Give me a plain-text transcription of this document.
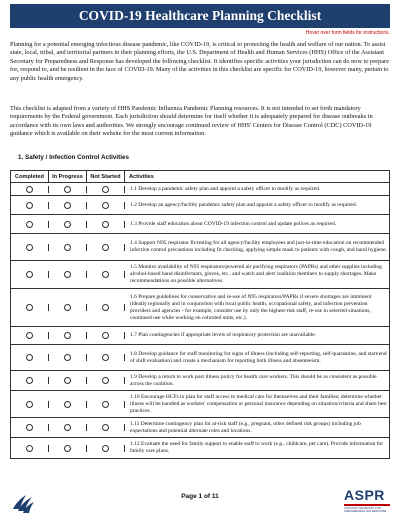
COVID-19 Healthcare Planning Checklist
Hover over form fields for instructions.
Planning for a potential emerging infectious disease pandemic, like COVID-19, is critical to protecting the health and welfare of our nation. To assist state, local, tribal, and territorial partners in their planning efforts, the U.S. Department of Health and Human Services (HHS) Office of the Assistant Secretary for Preparedness and Response has developed the following checklist. It identifies specific activities your jurisdiction can do now to prepare for, respond to, and be resilient in the face of COVID-19. Many of the activities in this checklist are specific for COVID-19, however many, pertain to any public health emergency.
This checklist is adapted from a variety of HHS Pandemic Influenza Pandemic Planning resources. It is not intended to set forth mandatory requirements by the Federal government. Each jurisdiction should determine for itself whether it is adequately prepared for disease outbreaks in accordance with its own laws and authorities. We strongly encourage continued review of HHS' Centers for Disease Control (CDC) COVID-19 guidance which is available on their website for the most current information.
1. Safety / Infection Control Activities
Completed	In Progress	Not Started	Activities

1.1 Develop a pandemic safety plan and appoint a safety officer to modify as required.
1.2 Develop an agency/facility pandemic safety plan and appoint a safety officer to modify as required.
1.3 Provide staff education about COVID-19 infection control and update polices as required.
1.4 Support N95 respirator fit-testing for all agency/facility employees and just-in-time education on recommended infection control precautions including fit checking, applying simple mask to patients with cough, and hand hygiene.
1.5 Monitor availability of N95 respirators/powered air purifying respirators (PAPRs) and other supplies including alcohol-based hand disinfectants, gloves, etc., and watch and alert coalition members to supply shortages. Make recommendations on possible alternatives.
1.6 Prepare guidelines for conservative and re-use of N95 respirators/PAPRs if severe shortages are imminent (ideally regionally and in conjunction with local public health, occupational safety, and infection prevention providers and agencies - for example, consider use by only the highest-risk staff, re-use in selected situations, continued use while working on cohorted units, etc.).
1.7 Plan contingencies if appropriate levels of respiratory protection are unavailable.
1.8 Develop guidance for staff monitoring for signs of illness (including self-reporting, self-quarantine, and start/end of shift evaluation) and create a mechanism for reporting both illness and absenteeism.
1.9 Develop a return to work post illness policy for health care workers. This should be as consistent as possible across the coalition.
1.10 Encourage HCFs to plan for staff access to medical care for themselves and their families; determine whether illness will be handled as workers' compensation or personal insurance depending on situation/criteria and share best practices.
1.11 Determine contingency plan for at-risk staff (e.g., pregnant, other defined risk groups) including job expectations and potential alternate roles and locations.
1.12 Evaluate the need for family support to enable staff to work (e.g., childcare, pet care). Provide information for family care plans.
Page 1 of 11	ASPR
ASSISTANT SECRETARY FOR PREPAREDNESS AND RESPONSE
